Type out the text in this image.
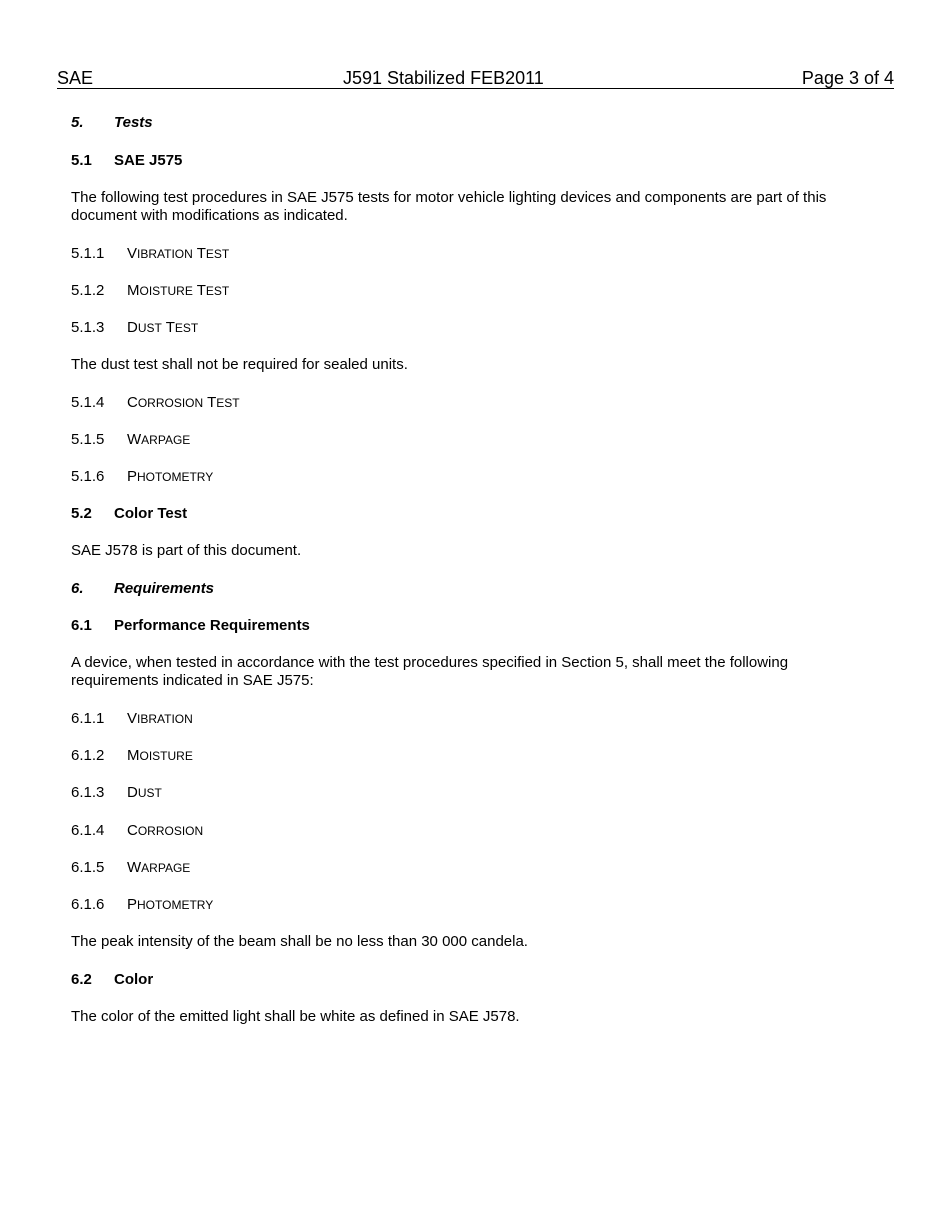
SAE	J591 Stabilized FEB2011	Page 3 of 4
5. Tests
5.1 SAE J575
The following test procedures in SAE J575 tests for motor vehicle lighting devices and components are part of this document with modifications as indicated.
5.1.1 VIBRATION TEST
5.1.2 MOISTURE TEST
5.1.3 DUST TEST
The dust test shall not be required for sealed units.
5.1.4 CORROSION TEST
5.1.5 WARPAGE
5.1.6 PHOTOMETRY
5.2 Color Test
SAE J578 is part of this document.
6. Requirements
6.1 Performance Requirements
A device, when tested in accordance with the test procedures specified in Section 5, shall meet the following requirements indicated in SAE J575:
6.1.1 VIBRATION
6.1.2 MOISTURE
6.1.3 DUST
6.1.4 CORROSION
6.1.5 WARPAGE
6.1.6 PHOTOMETRY
The peak intensity of the beam shall be no less than 30 000 candela.
6.2 Color
The color of the emitted light shall be white as defined in SAE J578.
